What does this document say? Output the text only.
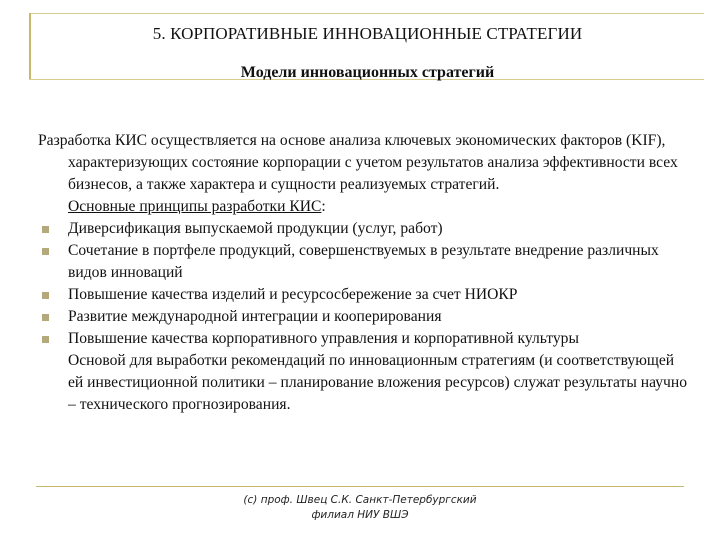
5. КОРПОРАТИВНЫЕ ИННОВАЦИОННЫЕ СТРАТЕГИИ
Модели инновационных стратегий

Разработка КИС осуществляется на основе анализа ключевых экономических факторов (KIF), характеризующих состояние корпорации с учетом результатов анализа эффективности всех бизнесов, а также характера и сущности реализуемых стратегий.

Основные принципы разработки КИС:

Диверсификация выпускаемой продукции (услуг, работ)
Сочетание в портфеле продукций, совершенствуемых в результате внедрение различных видов инноваций
Повышение качества изделий и ресурсосбережение за счет НИОКР
Развитие международной интеграции и кооперирования
Повышение качества корпоративного управления и корпоративной культуры

Основой для выработки рекомендаций по инновационным стратегиям (и соответствующей ей инвестиционной политики – планирование вложения ресурсов) служат результаты научно – технического прогнозирования.

(с) проф. Швец С.К. Санкт-Петербургский
филиал НИУ ВШЭ
